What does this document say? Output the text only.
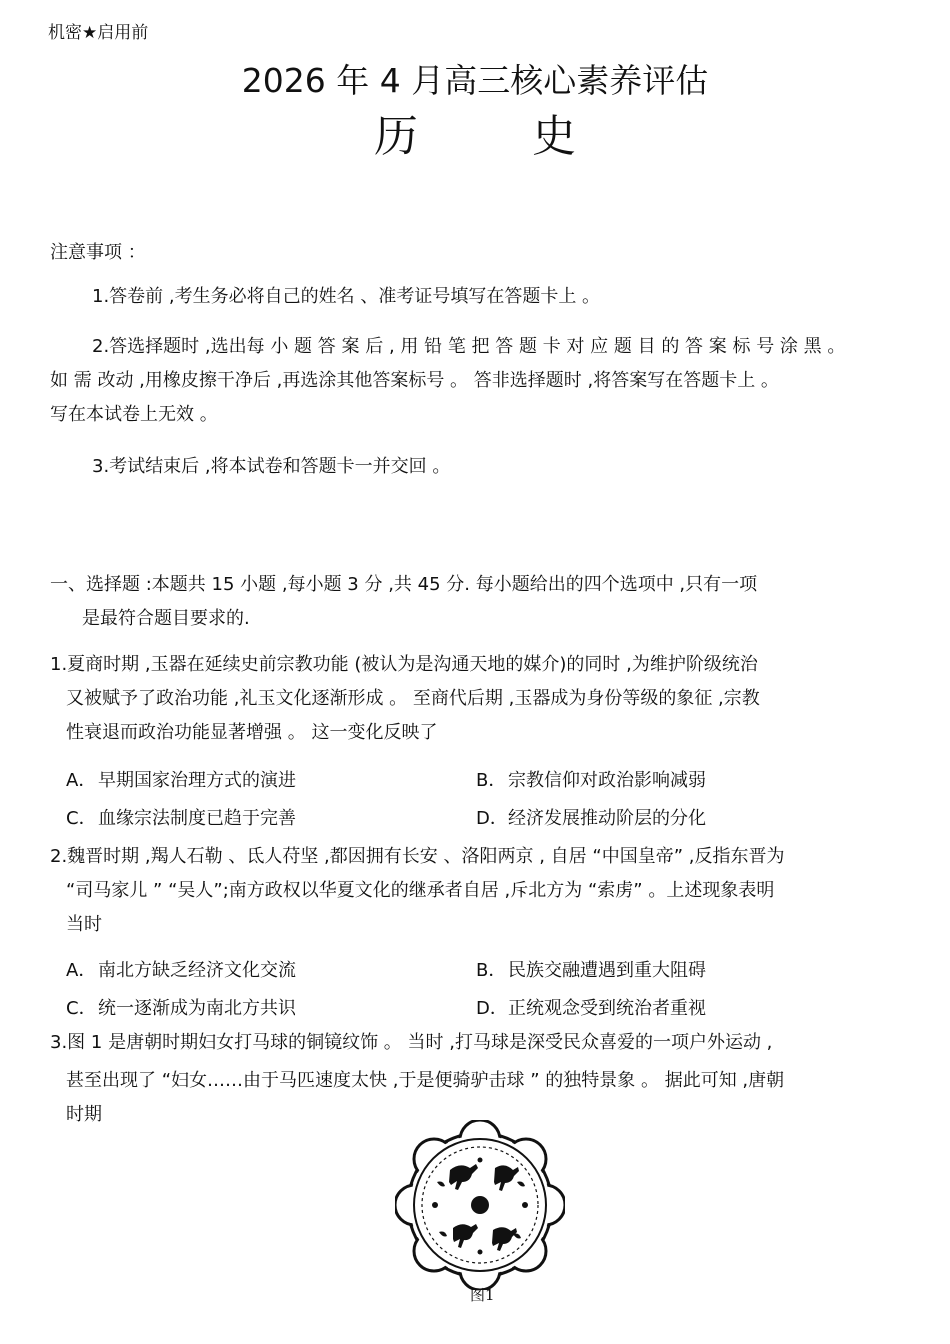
机密★启用前
2026 年 4 月高三核心素养评估
历 史
注意事项 ：
1.答卷前 ,考生务必将自己的姓名 、准考证号填写在答题卡上 。
2.答选择题时 ,选出每 小 题 答 案 后 , 用 铅 笔 把 答 题 卡 对 应 题 目 的 答 案 标 号 涂 黑 。
如 需 改动 ,用橡皮擦干净后 ,再选涂其他答案标号 。 答非选择题时 ,将答案写在答题卡上 。
写在本试卷上无效 。
3.考试结束后 ,将本试卷和答题卡一并交回 。
一、选择题 :本题共 15 小题 ,每小题 3 分 ,共 45 分. 每小题给出的四个选项中 ,只有一项
是最符合题目要求的.
1.夏商时期 ,玉器在延续史前宗教功能 (被认为是沟通天地的媒介)的同时 ,为维护阶级统治
又被赋予了政治功能 ,礼玉文化逐渐形成 。 至商代后期 ,玉器成为身份等级的象征 ,宗教
性衰退而政治功能显著增强 。 这一变化反映了
A．早期国家治理方式的演进	B．宗教信仰对政治影响减弱
C．血缘宗法制度已趋于完善	D．经济发展推动阶层的分化
2.魏晋时期 ,羯人石勒 、氐人苻坚 ,都因拥有长安 、洛阳两京 , 自居 “中国皇帝” ,反指东晋为
“司马家儿 ” “吴人”;南方政权以华夏文化的继承者自居 ,斥北方为 “索虏” 。上述现象表明
当时
A．南北方缺乏经济文化交流	B．民族交融遭遇到重大阻碍
C．统一逐渐成为南北方共识	D．正统观念受到统治者重视
3.图 1 是唐朝时期妇女打马球的铜镜纹饰 。 当时 ,打马球是深受民众喜爱的一项户外运动 ,
甚至出现了 “妇女……由于马匹速度太快 ,于是便骑驴击球 ” 的独特景象 。 据此可知 ,唐朝
时期
图1
